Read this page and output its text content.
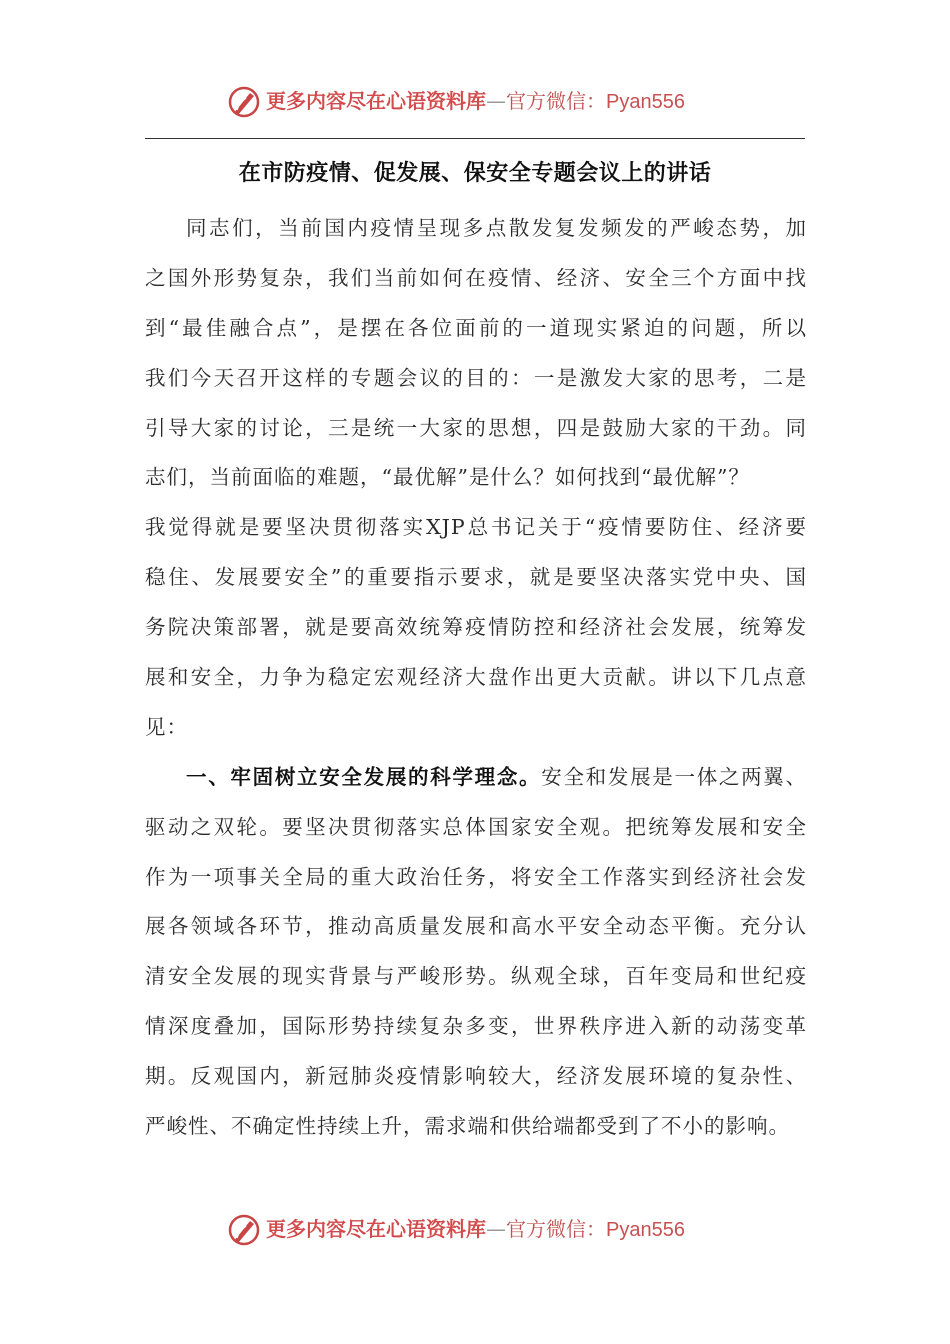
更多内容尽在心语资料库—官方微信：Pyan556
在市防疫情、促发展、保安全专题会议上的讲话
同志们，当前国内疫情呈现多点散发复发频发的严峻态势，加
之国外形势复杂，我们当前如何在疫情、经济、安全三个方面中找
到“最佳融合点”，是摆在各位面前的一道现实紧迫的问题，所以
我们今天召开这样的专题会议的目的：一是激发大家的思考，二是
引导大家的讨论，三是统一大家的思想，四是鼓励大家的干劲。同
志们，当前面临的难题，“最优解”是什么？如何找到“最优解”？
我觉得就是要坚决贯彻落实XJP总书记关于“疫情要防住、经济要
稳住、发展要安全”的重要指示要求，就是要坚决落实党中央、国
务院决策部署，就是要高效统筹疫情防控和经济社会发展，统筹发
展和安全，力争为稳定宏观经济大盘作出更大贡献。讲以下几点意
见：
一、牢固树立安全发展的科学理念。安全和发展是一体之两翼、
驱动之双轮。要坚决贯彻落实总体国家安全观。把统筹发展和安全
作为一项事关全局的重大政治任务，将安全工作落实到经济社会发
展各领域各环节，推动高质量发展和高水平安全动态平衡。充分认
清安全发展的现实背景与严峻形势。纵观全球，百年变局和世纪疫
情深度叠加，国际形势持续复杂多变，世界秩序进入新的动荡变革
期。反观国内，新冠肺炎疫情影响较大，经济发展环境的复杂性、
严峻性、不确定性持续上升，需求端和供给端都受到了不小的影响。
更多内容尽在心语资料库—官方微信：Pyan556
